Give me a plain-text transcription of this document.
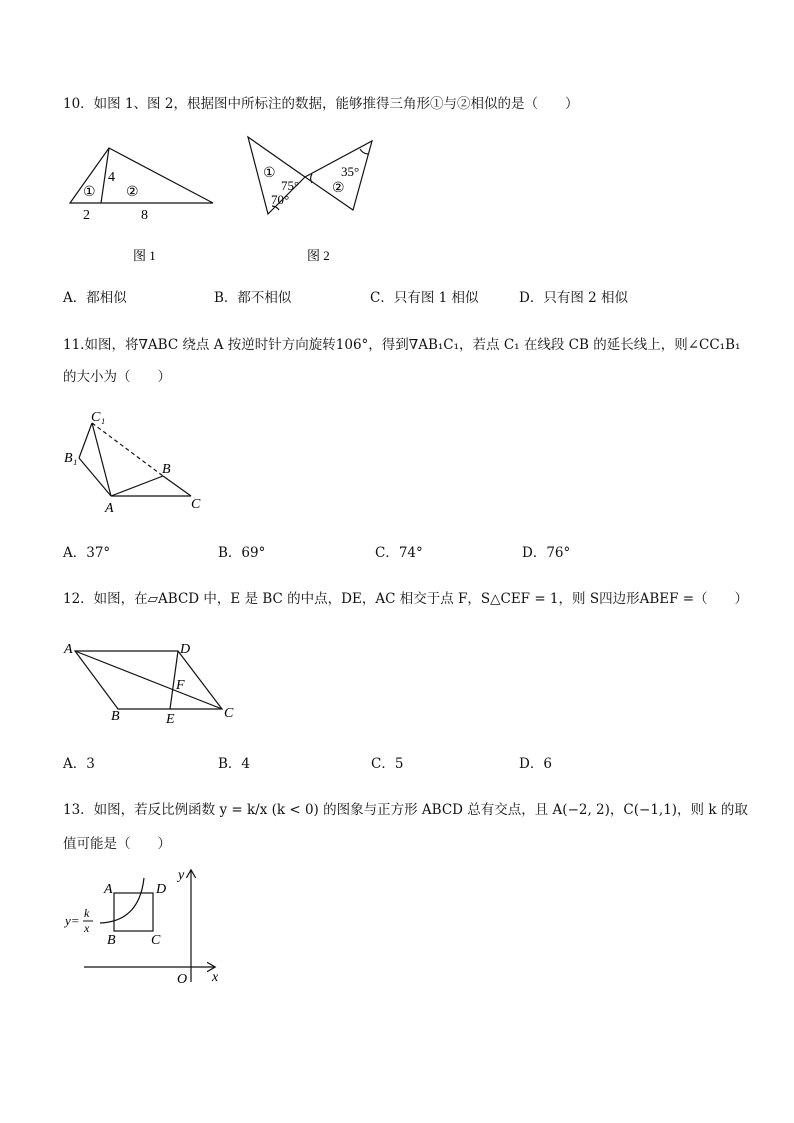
10．如图 1、图 2，根据图中所标注的数据，能够推得三角形①与②相似的是（　　）
①
4
②
2	8
图 1
①
75°
70°
35°
②
图 2
A．都相似	B．都不相似	C．只有图 1 相似	D．只有图 2 相似
11.如图，将∇ABC 绕点 A 按逆时针方向旋转106°，得到∇AB₁C₁，若点 C₁ 在线段 CB 的延长线上，则∠CC₁B₁
的大小为（　　）
C₁
B₁
B
A	C
A．37°	B．69°	C．74°	D．76°
12．如图，在▱ABCD 中，E 是 BC 的中点，DE，AC 相交于点 F，S△CEF = 1，则 S四边形ABEF =（　　）
A	D
F
B	E	C
A．3	B．4	C．5	D．6
13．如图，若反比例函数 y = k/x (k < 0) 的图象与正方形 ABCD 总有交点，且 A(−2, 2)，C(−1,1)，则 k 的取
值可能是（　　）
A	D
B	C
O x
y
y= k
x
